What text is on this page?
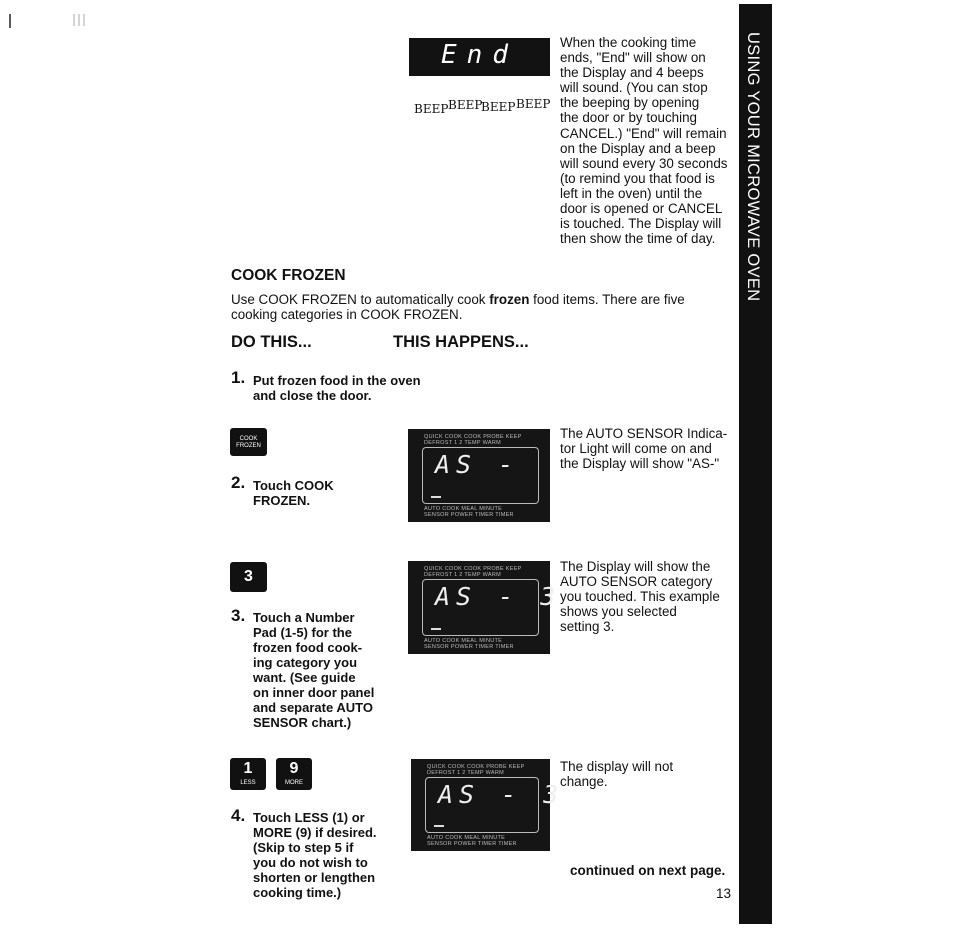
USING YOUR MICROWAVE OVEN
End
BEEP BEEP
BEEP BEEP
When the cooking time
ends, "End" will show on
the Display and 4 beeps
will sound. (You can stop
the beeping by opening
the door or by touching
CANCEL.) "End" will remain
on the Display and a beep
will sound every 30 seconds
(to remind you that food is
left in the oven) until the
door is opened or CANCEL
is touched. The Display will
then show the time of day.
COOK FROZEN
Use COOK FROZEN to automatically cook frozen food items. There are five
cooking categories in COOK FROZEN.
DO THIS...	THIS HAPPENS...
1. Put frozen food in the oven
and close the door.
COOK
FROZEN
2. Touch COOK
FROZEN.
QUICK COOK COOK PROBE KEEP
DEFROST 1 2 TEMP WARM
AS -
AUTO COOK MEAL MINUTE
SENSOR POWER TIMER TIMER
The AUTO SENSOR Indica-
tor Light will come on and
the Display will show "AS-"
3
3. Touch a Number
Pad (1-5) for the
frozen food cook-
ing category you
want. (See guide
on inner door panel
and separate AUTO
SENSOR chart.)
QUICK COOK COOK PROBE KEEP
DEFROST 1 2 TEMP WARM
AS - 3
AUTO COOK MEAL MINUTE
SENSOR POWER TIMER TIMER
The Display will show the
AUTO SENSOR category
you touched. This example
shows you selected
setting 3.
1
LESS
9
MORE
4. Touch LESS (1) or
MORE (9) if desired.
(Skip to step 5 if
you do not wish to
shorten or lengthen
cooking time.)
QUICK COOK COOK PROBE KEEP
DEFROST 1 2 TEMP WARM
AS - 3
AUTO COOK MEAL MINUTE
SENSOR POWER TIMER TIMER
The display will not
change.
continued on next page.
13
